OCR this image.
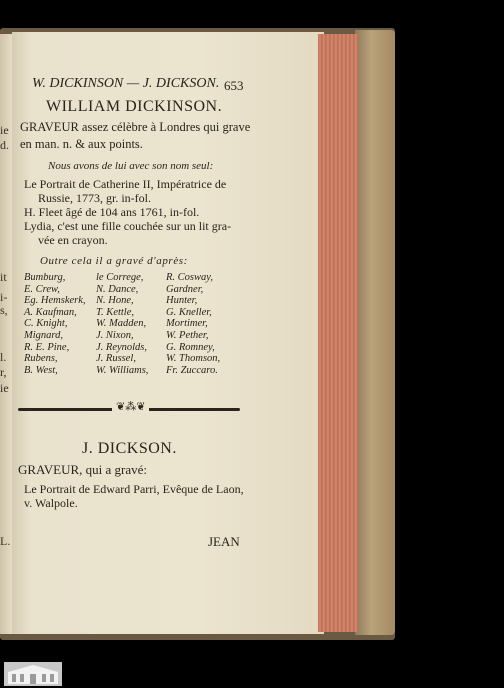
ie
d.
it
i-
s,
l.
r,
ie
L.
W. DICKINSON — J. DICKSON. 653
WILLIAM DICKINSON.
GRAVEUR assez célèbre à Londres qui grave
en man. n. & aux points.
Nous avons de lui avec son nom seul:
Le Portrait de Catherine II, Impératrice de
Russie, 1773, gr. in-fol.
H. Fleet âgé de 104 ans 1761, in-fol.
Lydia, c'est une fille couchée sur un lit gra-
vée en crayon.
Outre cela il a gravé d'après:
Bumburg,
E. Crew,
Eg. Hemskerk,
A. Kaufman,
C. Knight,
Mignard,
R. E. Pine,
Rubens,
B. West,
le Correge,
N. Dance,
N. Hone,
T. Kettle,
W. Madden,
J. Nixon,
J. Reynolds,
J. Russel,
W. Williams,
R. Cosway,
Gardner,
Hunter,
G. Kneller,
Mortimer,
W. Pether,
G. Romney,
W. Thomson,
Fr. Zuccaro.
❦⁂❦
J. DICKSON.
GRAVEUR, qui a gravé:
Le Portrait de Edward Parri, Evêque de Laon,
v. Walpole.
JEAN
